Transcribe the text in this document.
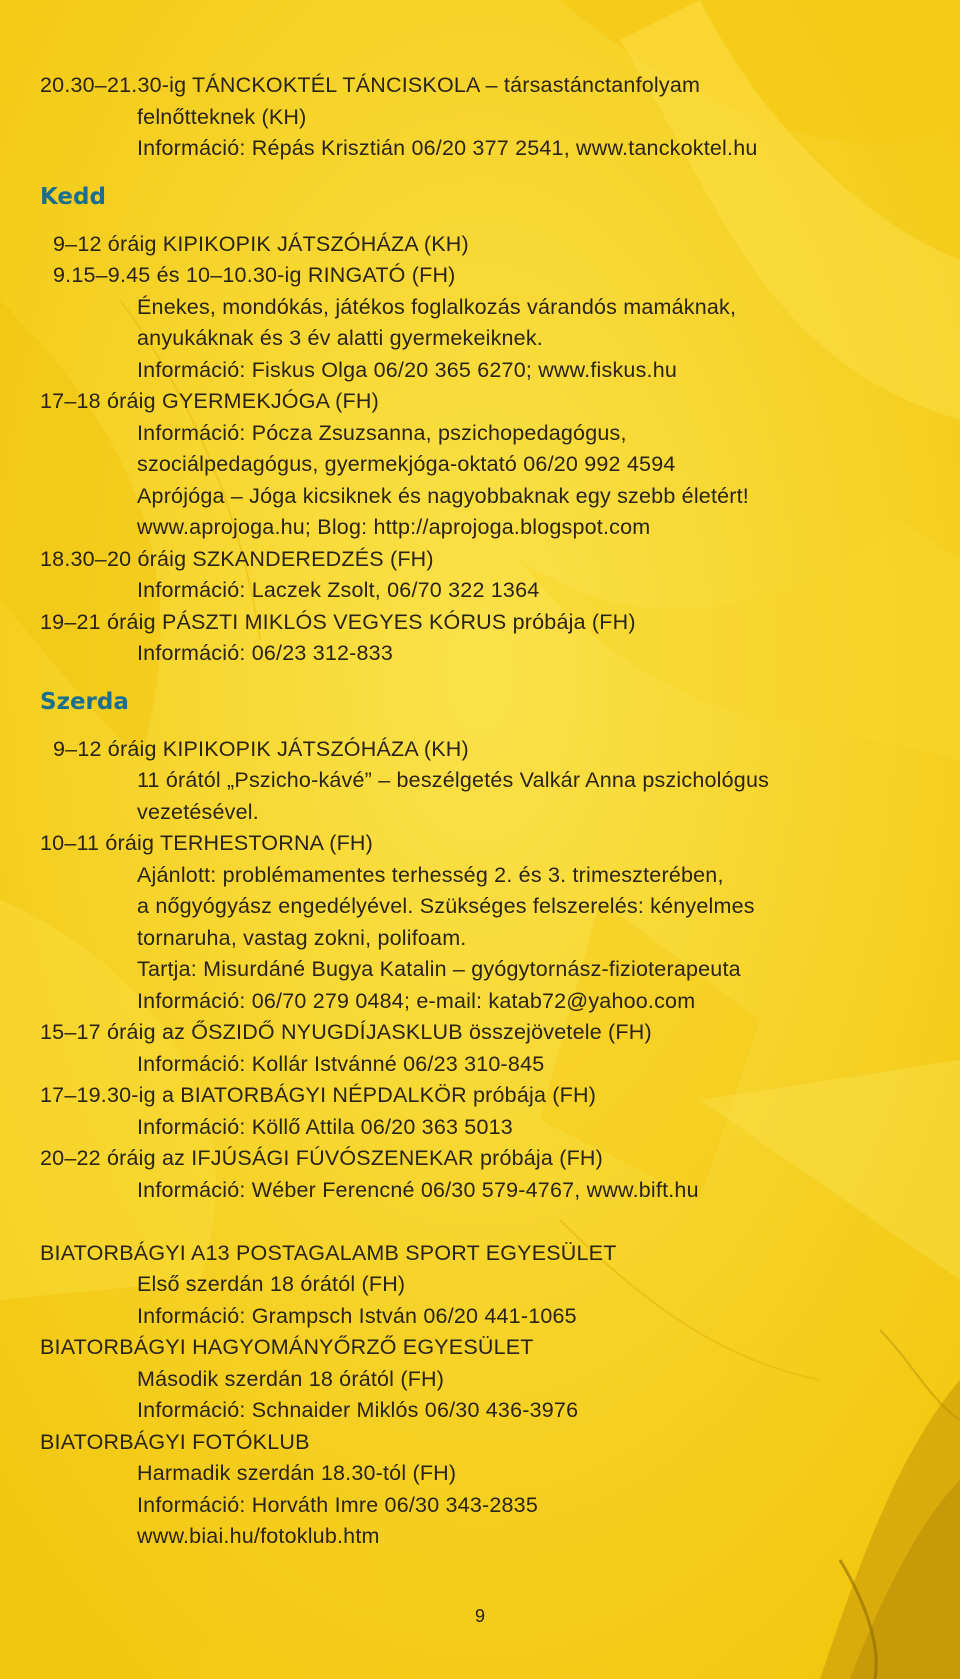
20.30–21.30-ig TÁNCKOKTÉL TÁNCISKOLA – társastánctanfolyam
felnőtteknek (KH)
Információ: Répás Krisztián 06/20 377 2541, www.tanckoktel.hu
Kedd
9–12 óráig KIPIKOPIK JÁTSZÓHÁZA (KH)
9.15–9.45 és 10–10.30-ig RINGATÓ (FH)
Énekes, mondókás, játékos foglalkozás várandós mamáknak,
anyukáknak és 3 év alatti gyermekeiknek.
Információ: Fiskus Olga 06/20 365 6270; www.fiskus.hu
17–18 óráig GYERMEKJÓGA (FH)
Információ: Pócza Zsuzsanna, pszichopedagógus,
szociálpedagógus, gyermekjóga-oktató 06/20 992 4594
Aprójóga – Jóga kicsiknek és nagyobbaknak egy szebb életért!
www.aprojoga.hu; Blog: http://aprojoga.blogspot.com
18.30–20 óráig SZKANDEREDZÉS (FH)
Információ: Laczek Zsolt, 06/70 322 1364
19–21 óráig PÁSZTI MIKLÓS VEGYES KÓRUS próbája (FH)
Információ: 06/23 312-833
Szerda
9–12 óráig KIPIKOPIK JÁTSZÓHÁZA (KH)
11 órától „Pszicho-kávé” – beszélgetés Valkár Anna pszichológus
vezetésével.
10–11 óráig TERHESTORNA (FH)
Ajánlott: problémamentes terhesség 2. és 3. trimeszterében,
a nőgyógyász engedélyével. Szükséges felszerelés: kényelmes
tornaruha, vastag zokni, polifoam.
Tartja: Misurdáné Bugya Katalin – gyógytornász-fizioterapeuta
Információ: 06/70 279 0484; e-mail: katab72@yahoo.com
15–17 óráig az ŐSZIDŐ NYUGDÍJASKLUB összejövetele (FH)
Információ: Kollár Istvánné 06/23 310-845
17–19.30-ig a BIATORBÁGYI NÉPDALKÖR próbája (FH)
Információ: Köllő Attila 06/20 363 5013
20–22 óráig az IFJÚSÁGI FÚVÓSZENEKAR próbája (FH)
Információ: Wéber Ferencné 06/30 579-4767, www.bift.hu
BIATORBÁGYI A13 POSTAGALAMB SPORT EGYESÜLET
Első szerdán 18 órától (FH)
Információ: Grampsch István 06/20 441-1065
BIATORBÁGYI HAGYOMÁNYŐRZŐ EGYESÜLET
Második szerdán 18 órától (FH)
Információ: Schnaider Miklós 06/30 436-3976
BIATORBÁGYI FOTÓKLUB
Harmadik szerdán 18.30-tól (FH)
Információ: Horváth Imre 06/30 343-2835
www.biai.hu/fotoklub.htm
9
